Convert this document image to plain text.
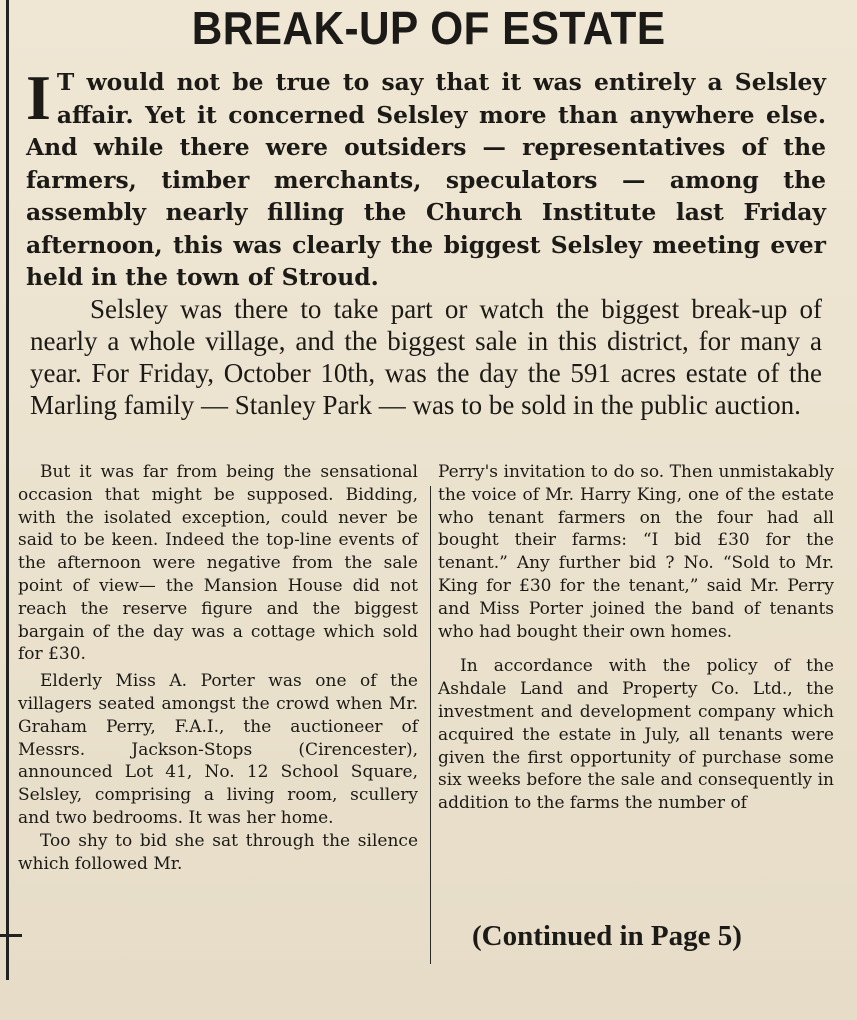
BREAK-UP OF ESTATE
I T would not be true to say that it was entirely a Selsley affair. Yet it concerned Selsley more than anywhere else. And while there were outsiders — representatives of the farmers, timber merchants, speculators — among the assembly nearly filling the Church Institute last Friday afternoon, this was clearly the biggest Selsley meeting ever held in the town of Stroud.
Selsley was there to take part or watch the biggest break-up of nearly a whole village, and the biggest sale in this district, for many a year. For Friday, October 10th, was the day the 591 acres estate of the Marling family — Stanley Park — was to be sold in the public auction.

But it was far from being the sensational occasion that might be supposed. Bidding, with the isolated exception, could never be said to be keen. Indeed the top-line events of the afternoon were negative from the sale point of view— the Mansion House did not reach the reserve figure and the biggest bargain of the day was a cottage which sold for £30.

Elderly Miss A. Porter was one of the villagers seated amongst the crowd when Mr. Graham Perry, F.A.I., the auctioneer of Messrs. Jackson-Stops (Cirencester), announced Lot 41, No. 12 School Square, Selsley, comprising a living room, scullery and two bedrooms. It was her home.

Too shy to bid she sat through the silence which followed Mr.

Perry's invitation to do so. Then unmistakably the voice of Mr. Harry King, one of the estate who tenant farmers on the four had all bought their farms: “I bid £30 for the tenant.” Any further bid ? No. “Sold to Mr. King for £30 for the tenant,” said Mr. Perry and Miss Porter joined the band of tenants who had bought their own homes.

In accordance with the policy of the Ashdale Land and Property Co. Ltd., the investment and development company which acquired the estate in July, all tenants were given the first opportunity of purchase some six weeks before the sale and consequently in addition to the farms the number of

(Continued in Page 5)
